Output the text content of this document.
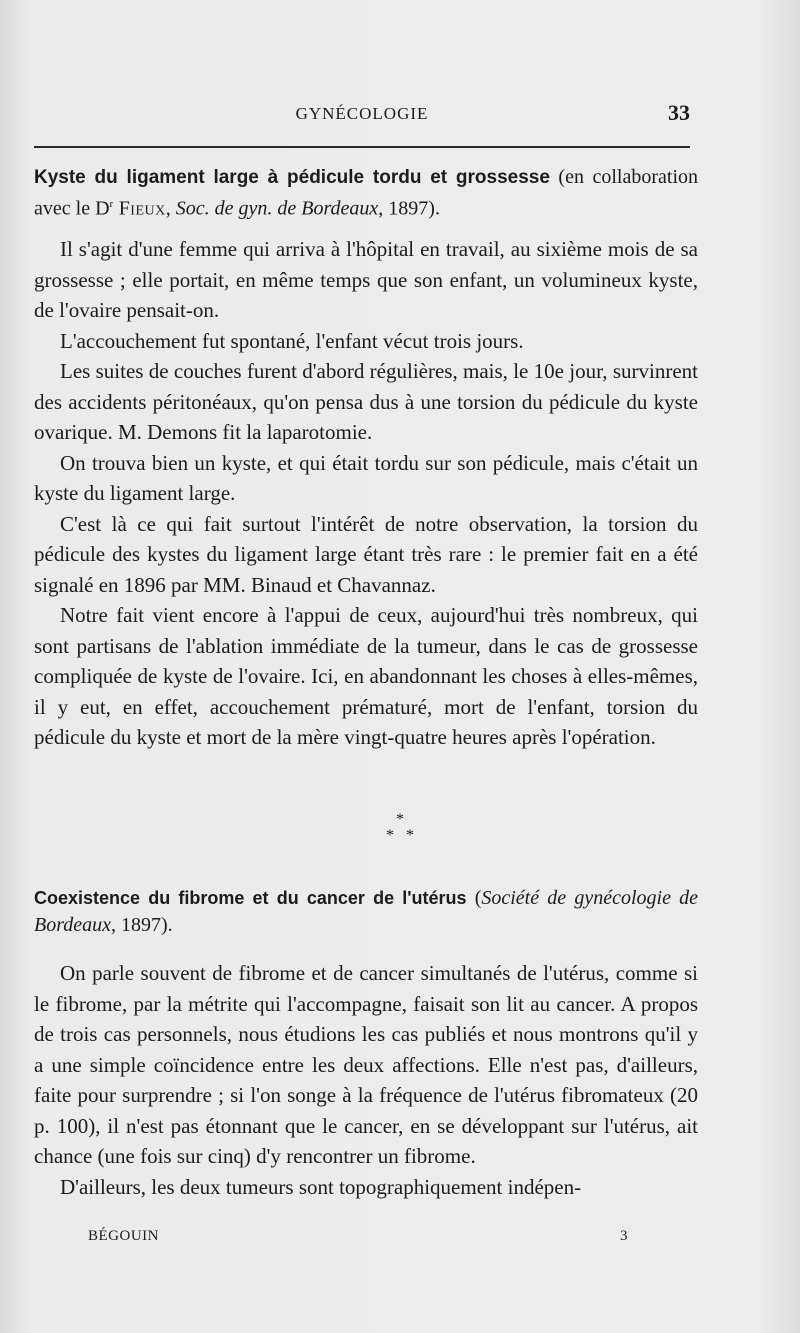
GYNÉCOLOGIE	33
Kyste du ligament large à pédicule tordu et grossesse (en collaboration avec le $D^r$ Fieux, Soc. de gyn. de Bordeaux, 1897).

Il s'agit d'une femme qui arriva à l'hôpital en travail, au sixième mois de sa grossesse ; elle portait, en même temps que son enfant, un volumineux kyste, de l'ovaire pensait-on.

L'accouchement fut spontané, l'enfant vécut trois jours.

Les suites de couches furent d'abord régulières, mais, le 10e jour, survinrent des accidents péritonéaux, qu'on pensa dus à une torsion du pédicule du kyste ovarique. M. Demons fit la laparotomie.

On trouva bien un kyste, et qui était tordu sur son pédicule, mais c'était un kyste du ligament large.

C'est là ce qui fait surtout l'intérêt de notre observation, la torsion du pédicule des kystes du ligament large étant très rare : le premier fait en a été signalé en 1896 par MM. Binaud et Chavannaz.

Notre fait vient encore à l'appui de ceux, aujourd'hui très nombreux, qui sont partisans de l'ablation immédiate de la tumeur, dans le cas de grossesse compliquée de kyste de l'ovaire. Ici, en abandonnant les choses à elles-mêmes, il y eut, en effet, accouchement prématuré, mort de l'enfant, torsion du pédicule du kyste et mort de la mère vingt-quatre heures après l'opération.

*
*   *
Coexistence du fibrome et du cancer de l'utérus (Société de gynécologie de Bordeaux, 1897).

On parle souvent de fibrome et de cancer simultanés de l'utérus, comme si le fibrome, par la métrite qui l'accompagne, faisait son lit au cancer. A propos de trois cas personnels, nous étudions les cas publiés et nous montrons qu'il y a une simple coïncidence entre les deux affections. Elle n'est pas, d'ailleurs, faite pour surprendre ; si l'on songe à la fréquence de l'utérus fibromateux (20 p. 100), il n'est pas étonnant que le cancer, en se développant sur l'utérus, ait chance (une fois sur cinq) d'y rencontrer un fibrome.

D'ailleurs, les deux tumeurs sont topographiquement indépen-

BÉGOUIN	3
